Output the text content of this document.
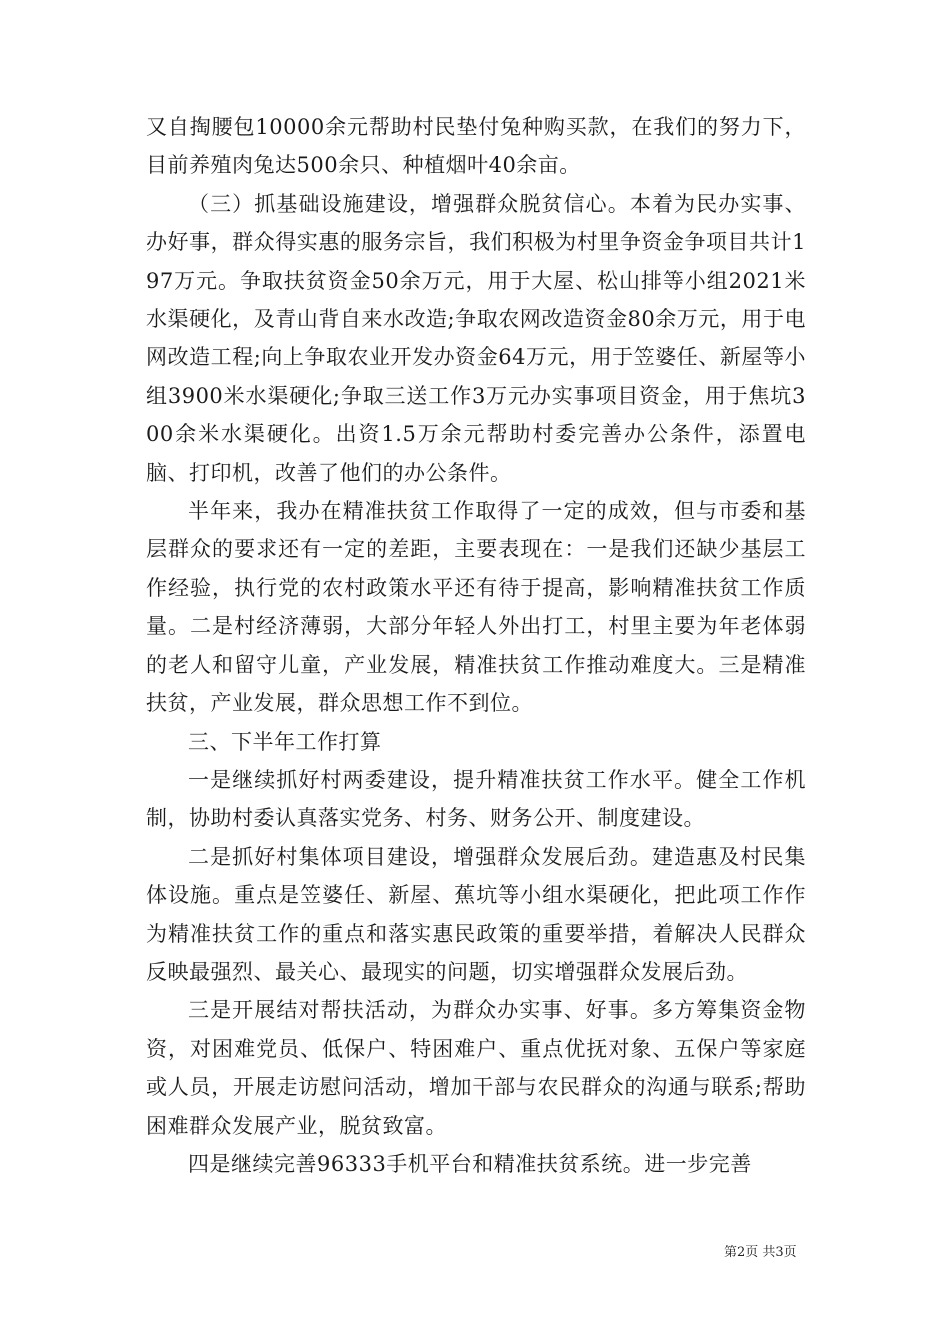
又自掏腰包10000余元帮助村民垫付兔种购买款，在我们的努力下，目前养殖肉兔达500余只、种植烟叶40余亩。

（三）抓基础设施建设，增强群众脱贫信心。本着为民办实事、办好事，群众得实惠的服务宗旨，我们积极为村里争资金争项目共计197万元。争取扶贫资金50余万元，用于大屋、松山排等小组2021米水渠硬化，及青山背自来水改造;争取农网改造资金80余万元，用于电网改造工程;向上争取农业开发办资金64万元，用于笠婆任、新屋等小组3900米水渠硬化;争取三送工作3万元办实事项目资金，用于焦坑300余米水渠硬化。出资1.5万余元帮助村委完善办公条件，添置电脑、打印机，改善了他们的办公条件。

半年来，我办在精准扶贫工作取得了一定的成效，但与市委和基层群众的要求还有一定的差距，主要表现在：一是我们还缺少基层工作经验，执行党的农村政策水平还有待于提高，影响精准扶贫工作质量。二是村经济薄弱，大部分年轻人外出打工，村里主要为年老体弱的老人和留守儿童，产业发展，精准扶贫工作推动难度大。三是精准扶贫，产业发展，群众思想工作不到位。

三、下半年工作打算

一是继续抓好村两委建设，提升精准扶贫工作水平。健全工作机制，协助村委认真落实党务、村务、财务公开、制度建设。

二是抓好村集体项目建设，增强群众发展后劲。建造惠及村民集体设施。重点是笠婆任、新屋、蕉坑等小组水渠硬化，把此项工作作为精准扶贫工作的重点和落实惠民政策的重要举措，着解决人民群众反映最强烈、最关心、最现实的问题，切实增强群众发展后劲。

三是开展结对帮扶活动，为群众办实事、好事。多方筹集资金物资，对困难党员、低保户、特困难户、重点优抚对象、五保户等家庭或人员，开展走访慰问活动，增加干部与农民群众的沟通与联系;帮助困难群众发展产业，脱贫致富。

四是继续完善96333手机平台和精准扶贫系统。进一步完善

第2页 共3页
